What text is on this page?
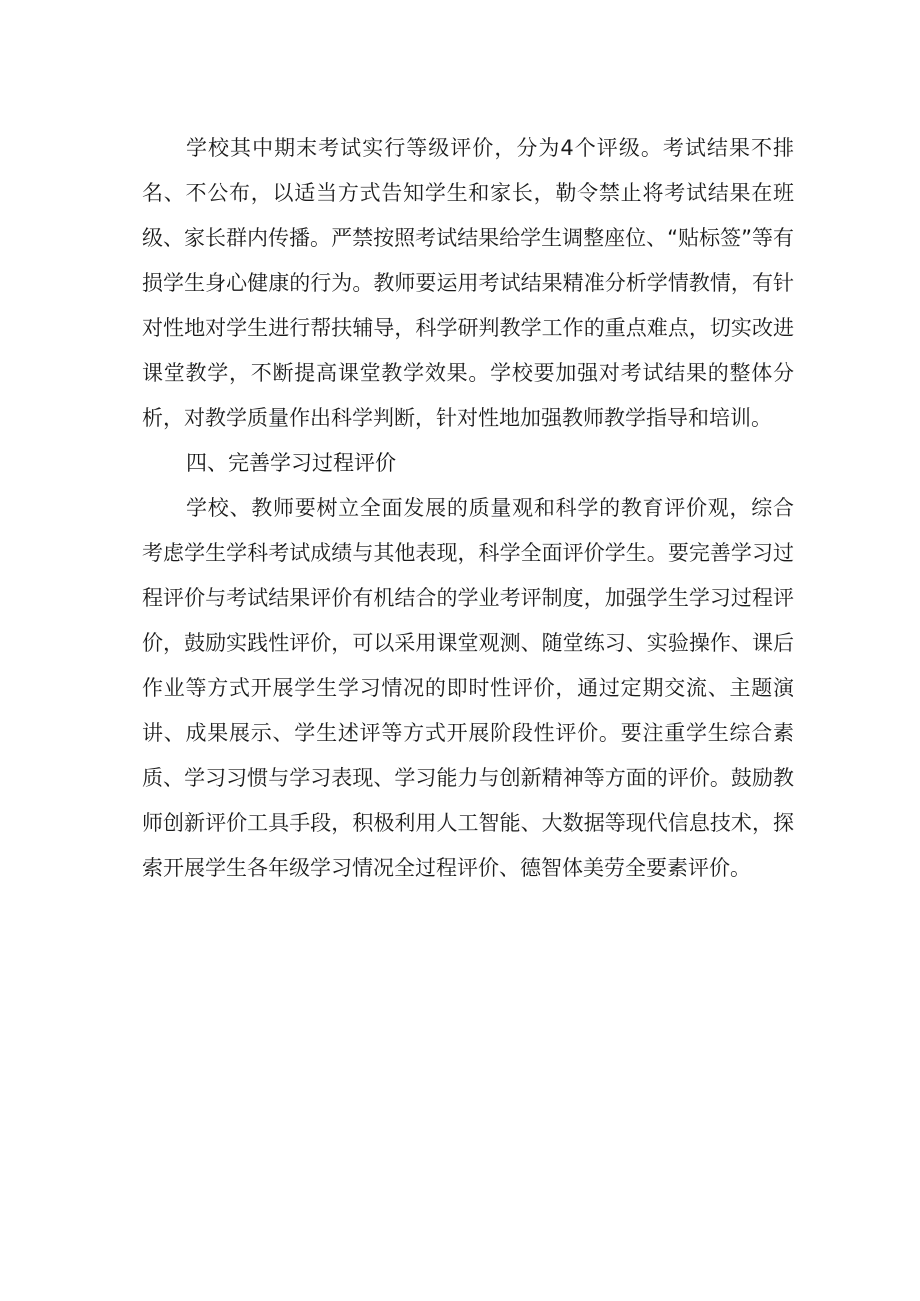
学校其中期末考试实行等级评价，分为4个评级。考试结果不排名、不公布，以适当方式告知学生和家长，勒令禁止将考试结果在班级、家长群内传播。严禁按照考试结果给学生调整座位、“贴标签”等有损学生身心健康的行为。教师要运用考试结果精准分析学情教情，有针对性地对学生进行帮扶辅导，科学研判教学工作的重点难点，切实改进课堂教学，不断提高课堂教学效果。学校要加强对考试结果的整体分析，对教学质量作出科学判断，针对性地加强教师教学指导和培训。

四、完善学习过程评价

学校、教师要树立全面发展的质量观和科学的教育评价观，综合考虑学生学科考试成绩与其他表现，科学全面评价学生。要完善学习过程评价与考试结果评价有机结合的学业考评制度，加强学生学习过程评价，鼓励实践性评价，可以采用课堂观测、随堂练习、实验操作、课后作业等方式开展学生学习情况的即时性评价，通过定期交流、主题演讲、成果展示、学生述评等方式开展阶段性评价。要注重学生综合素质、学习习惯与学习表现、学习能力与创新精神等方面的评价。鼓励教师创新评价工具手段，积极利用人工智能、大数据等现代信息技术，探索开展学生各年级学习情况全过程评价、德智体美劳全要素评价。
